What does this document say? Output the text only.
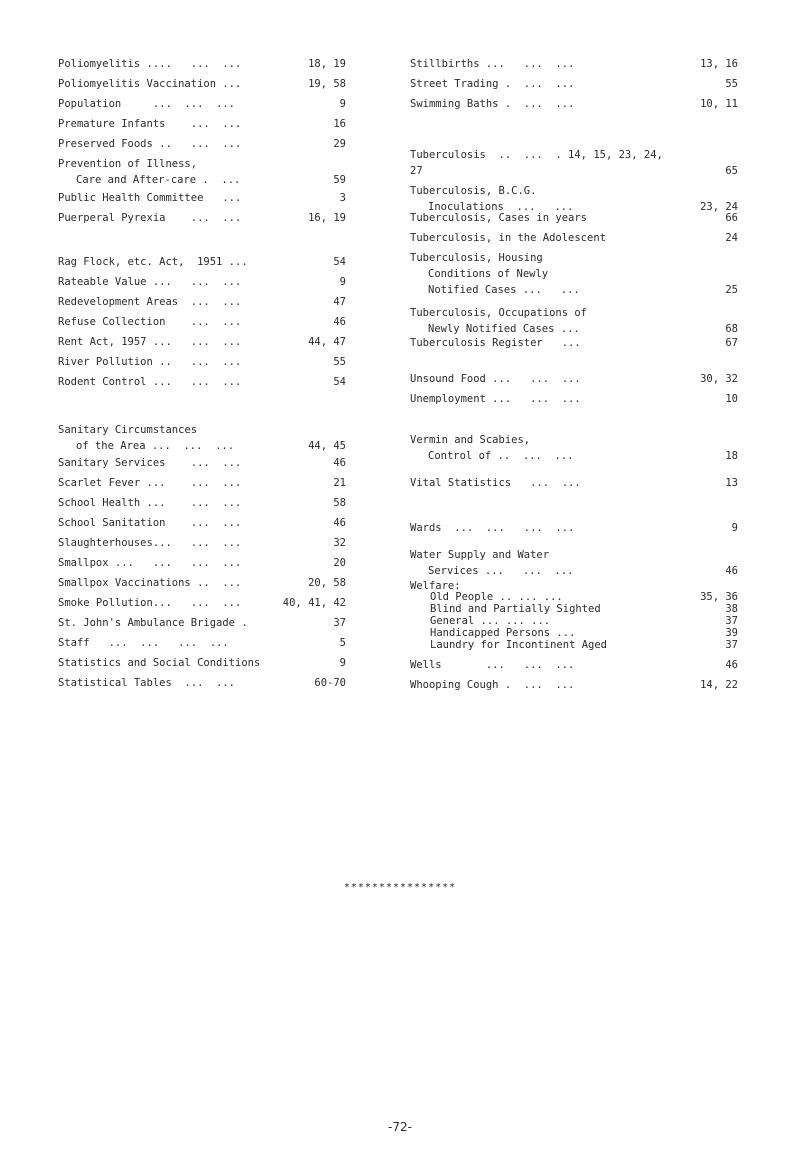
Poliomyelitis ....   ...  ...	18, 19
Poliomyelitis Vaccination ...	19, 58
Population     ...  ...  ...	9
Premature Infants    ...  ...	16
Preserved Foods ..   ...  ...	29
Prevention of Illness,
Care and After-care .  ...	59
Public Health Committee   ...	3
Puerperal Pyrexia    ...  ...	16, 19
Rag Flock, etc. Act,  1951 ...	54
Rateable Value ...   ...  ...	9
Redevelopment Areas  ...  ...	47
Refuse Collection    ...  ...	46
Rent Act, 1957 ...   ...  ...	44, 47
River Pollution ..   ...  ...	55
Rodent Control ...   ...  ...	54
Sanitary Circumstances
of the Area ...  ...  ...	44, 45
Sanitary Services    ...  ...	46
Scarlet Fever ...    ...  ...	21
School Health ...    ...  ...	58
School Sanitation    ...  ...	46
Slaughterhouses...   ...  ...	32
Smallpox ...   ...   ...  ...	20
Smallpox Vaccinations ..  ...	20, 58
Smoke Pollution...   ...  ...	40, 41, 42
St. John's Ambulance Brigade .	37
Staff   ...  ...   ...  ...	5
Statistics and Social Conditions	9
Statistical Tables  ...  ...	60-70
Stillbirths ...   ...  ...	13, 16
Street Trading .  ...  ...	55
Swimming Baths .  ...  ...	10, 11
Tuberculosis  ..  ...  . 14, 15, 23, 24, 27	65
Tuberculosis, B.C.G.
Inoculations  ...   ...	23, 24
Tuberculosis, Cases in years	66
Tuberculosis, in the Adolescent	24
Tuberculosis, Housing
Conditions of Newly
Notified Cases ...   ...	25
Tuberculosis, Occupations of
Newly Notified Cases ...	68
Tuberculosis Register   ...	67
Unsound Food ...   ...  ...	30, 32
Unemployment ...   ...  ...	10
Vermin and Scabies,
Control of ..  ...  ...	18
Vital Statistics   ...  ...	13
Wards  ...  ...   ...  ...	9
Water Supply and Water
Services ...   ...  ...	46
Welfare:
Old People .. ... ...	35, 36
Blind and Partially Sighted	38
General ... ... ...	37
Handicapped Persons ...	39
Laundry for Incontinent Aged	37
Wells       ...   ...  ...	46
Whooping Cough .  ...  ...	14, 22
****************
-72-
